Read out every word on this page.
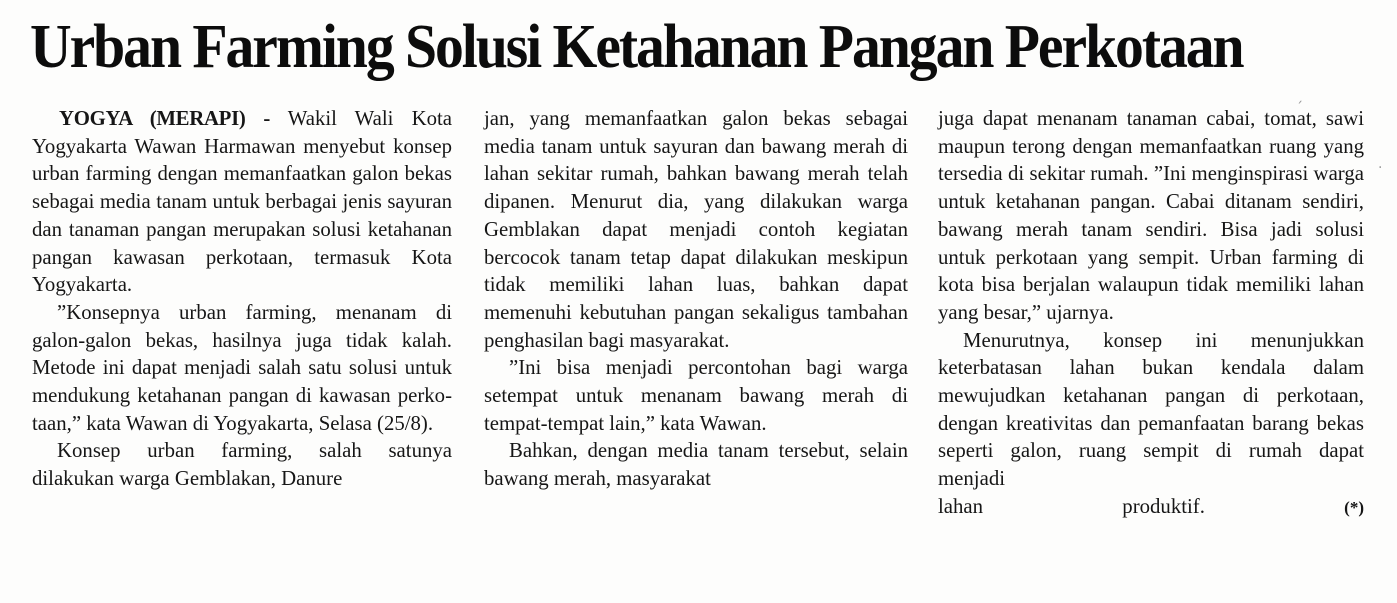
Urban Farming Solusi Ketahanan Pangan Perkotaan

YOGYA (MERAPI) - Wakil Wali Kota Yogyakarta Wawan Harmawan menyebut konsep urban farming dengan memanfaatkan galon bekas sebagai media tanam untuk berbagai jenis sayuran dan tanaman pangan merupakan solusi ketahanan pangan kawasan perkotaan, termasuk Kota Yogyakarta.

”Konsepnya urban farming, menanam di galon-galon bekas, hasilnya juga tidak kalah. Metode ini dapat menjadi salah satu solusi untuk mendukung ketahanan pangan di kawasan perkotaan,” kata Wawan di Yogyakarta, Selasa (25/8).

Konsep urban farming, salah satunya dilakukan warga Gemblakan, Danure

jan, yang memanfaatkan galon bekas sebagai media tanam untuk sayuran dan bawang merah di lahan sekitar rumah, bahkan bawang merah telah dipanen. Menurut dia, yang dilakukan warga Gemblakan dapat menjadi contoh kegiatan bercocok tanam tetap dapat dilakukan meskipun tidak memiliki lahan luas, bahkan dapat memenuhi kebutuhan pangan sekaligus tambahan penghasilan bagi masyarakat.

”Ini bisa menjadi percontohan bagi warga setempat untuk menanam bawang merah di tempat-tempat lain,” kata Wawan.

Bahkan, dengan media tanam tersebut, selain bawang merah, masyarakat

juga dapat menanam tanaman cabai, tomat, sawi maupun terong dengan memanfaatkan ruang yang tersedia di sekitar rumah. ”Ini menginspirasi warga untuk ketahanan pangan. Cabai ditanam sendiri, bawang merah tanam sendiri. Bisa jadi solusi untuk perkotaan yang sempit. Urban farming di kota bisa berjalan walaupun tidak memiliki lahan yang besar,” ujarnya.

Menurutnya, konsep ini menunjukkan keterbatasan lahan bukan kendala dalam mewujudkan ketahanan pangan di perkotaan, dengan kreativitas dan pemanfaatan barang bekas seperti galon, ruang sempit di rumah dapat menjadi

lahan produktif.	(*)

ˏ
·
